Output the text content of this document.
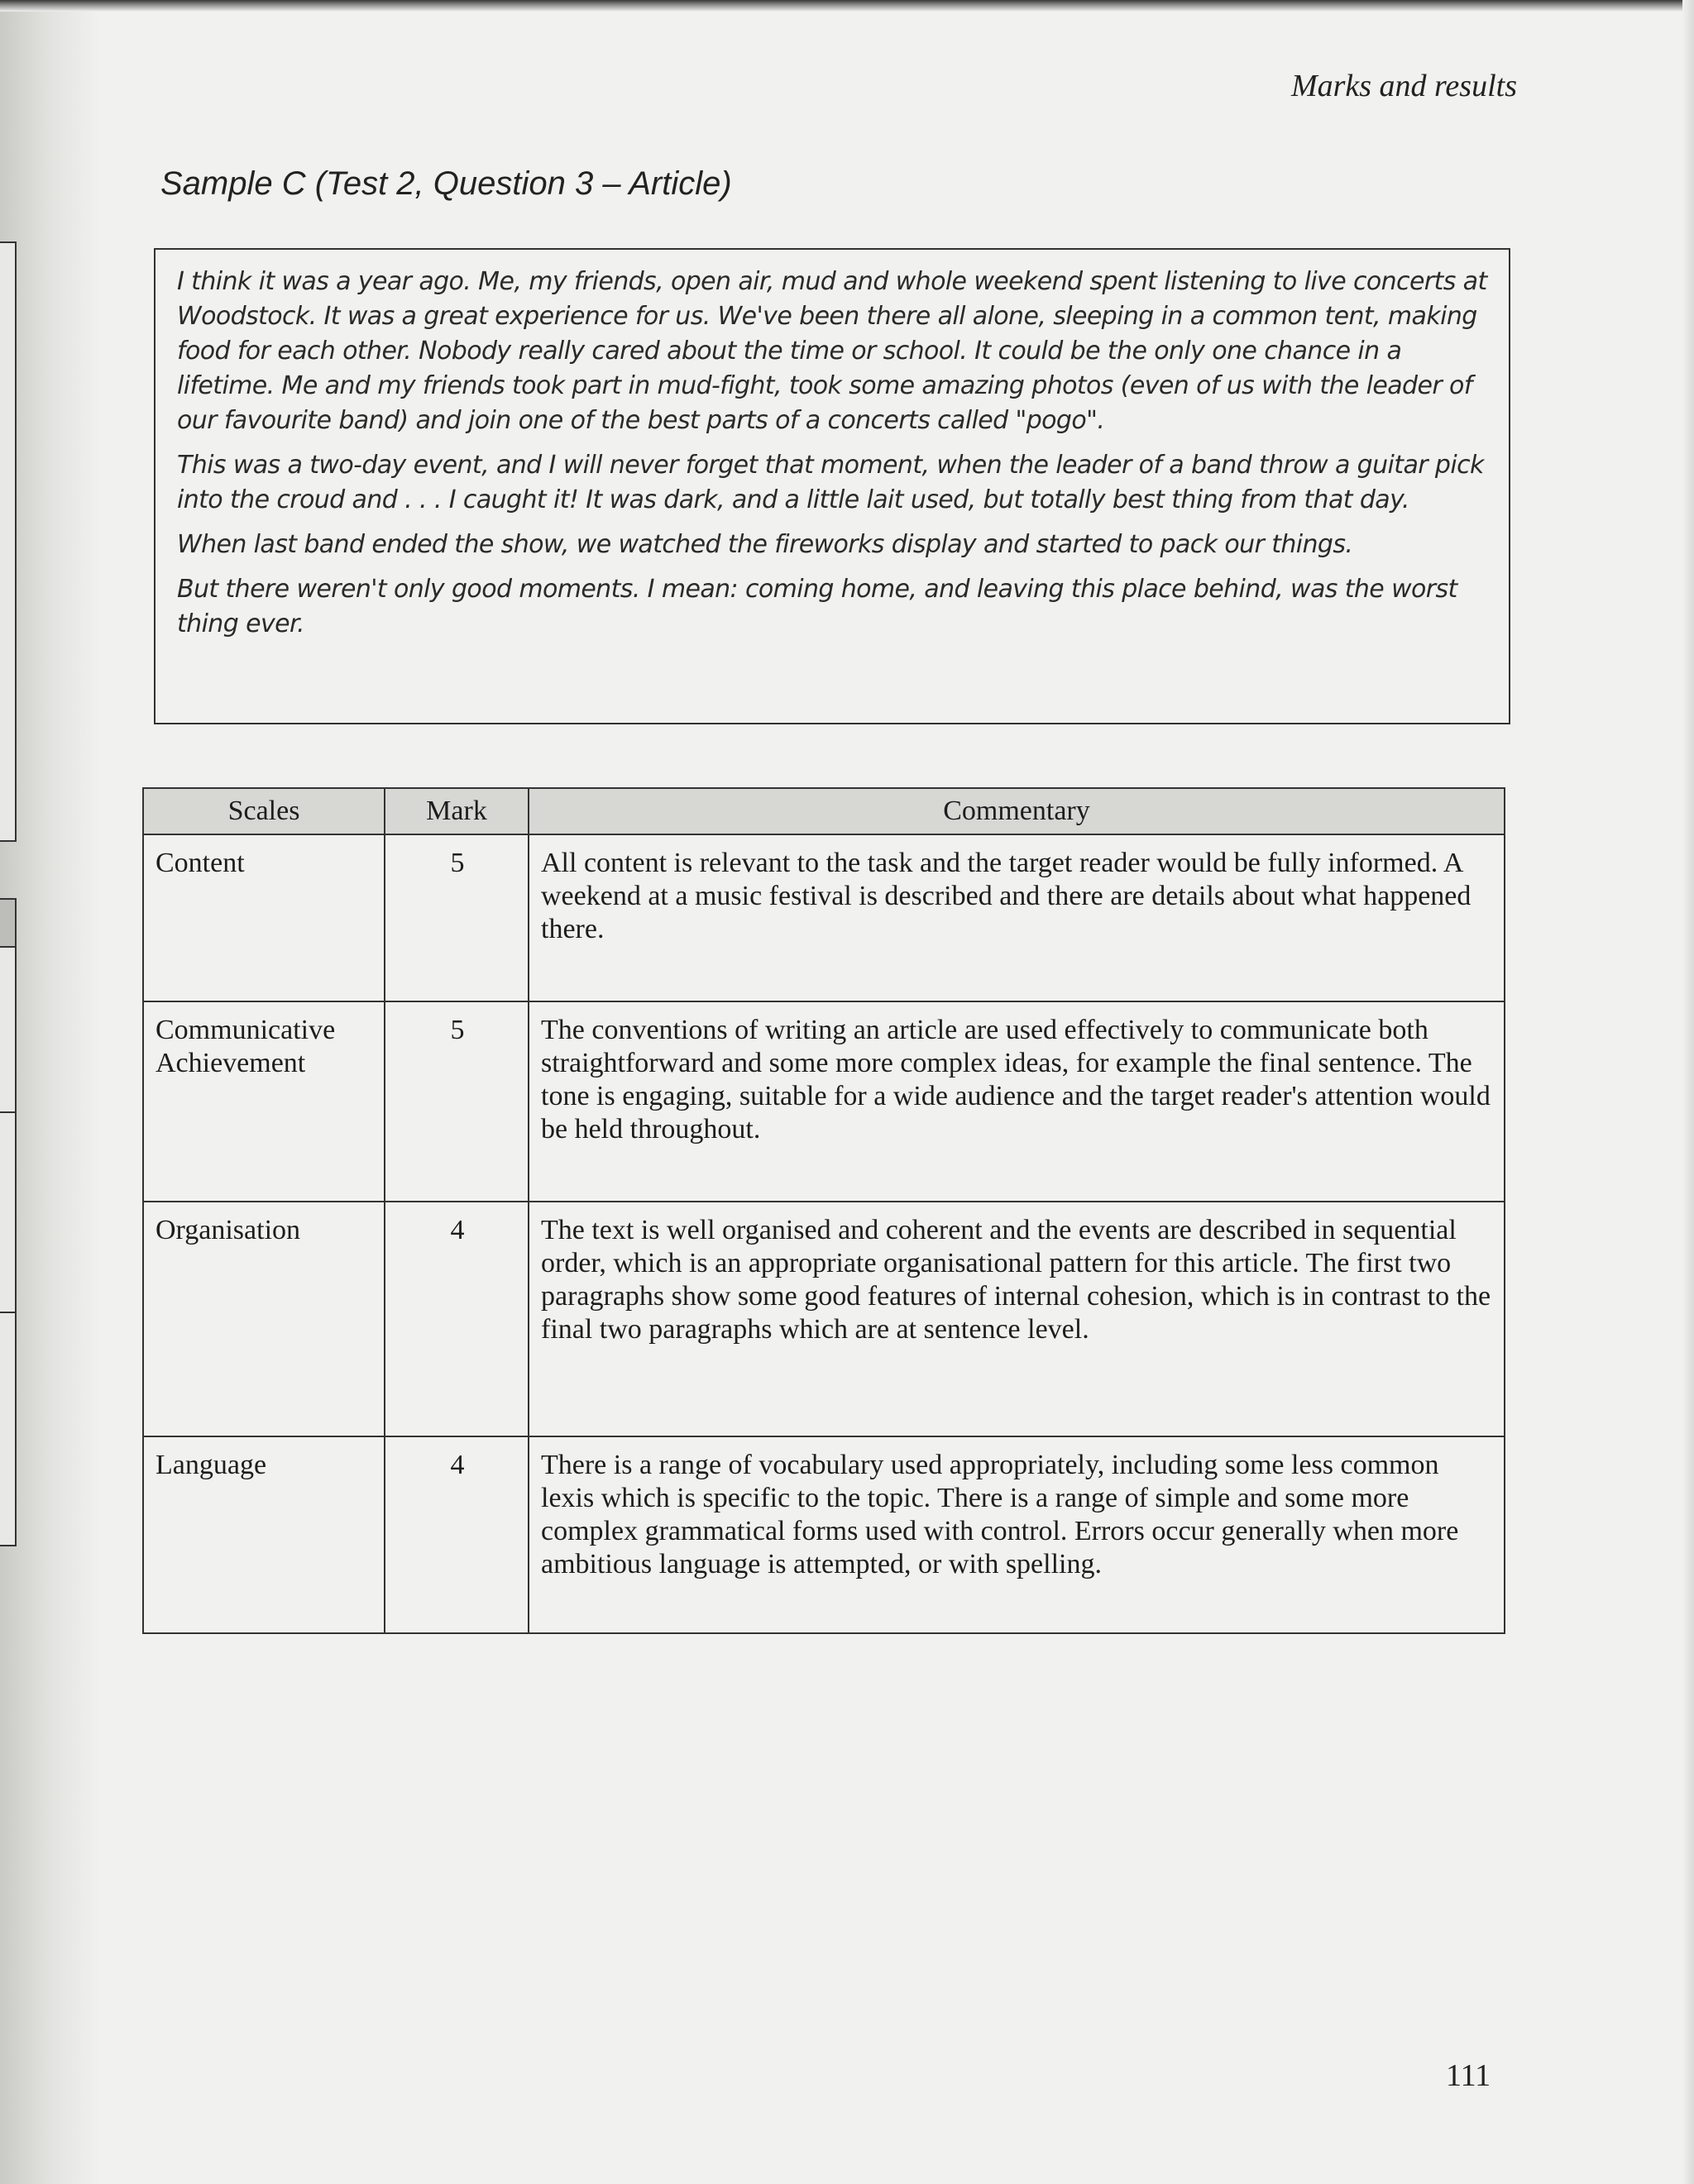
Marks and results
Sample C (Test 2, Question 3 – Article)

I think it was a year ago. Me, my friends, open air, mud and whole weekend spent listening to live concerts at Woodstock. It was a great experience for us. We've been there all alone, sleeping in a common tent, making food for each other. Nobody really cared about the time or school. It could be the only one chance in a lifetime. Me and my friends took part in mud-fight, took some amazing photos (even of us with the leader of our favourite band) and join one of the best parts of a concerts called "pogo".

This was a two-day event, and I will never forget that moment, when the leader of a band throw a guitar pick into the croud and . . . I caught it! It was dark, and a little lait used, but totally best thing from that day.

When last band ended the show, we watched the fireworks display and started to pack our things.

But there weren't only good moments. I mean: coming home, and leaving this place behind, was the worst thing ever.

Scales	Mark	Commentary
Content	5	All content is relevant to the task and the target reader would be fully informed. A weekend at a music festival is described and there are details about what happened there.
Communicative Achievement	5	The conventions of writing an article are used effectively to communicate both straightforward and some more complex ideas, for example the final sentence. The tone is engaging, suitable for a wide audience and the target reader's attention would be held throughout.
Organisation	4	The text is well organised and coherent and the events are described in sequential order, which is an appropriate organisational pattern for this article. The first two paragraphs show some good features of internal cohesion, which is in contrast to the final two paragraphs which are at sentence level.
Language	4	There is a range of vocabulary used appropriately, including some less common lexis which is specific to the topic. There is a range of simple and some more complex grammatical forms used with control. Errors occur generally when more ambitious language is attempted, or with spelling.
111
